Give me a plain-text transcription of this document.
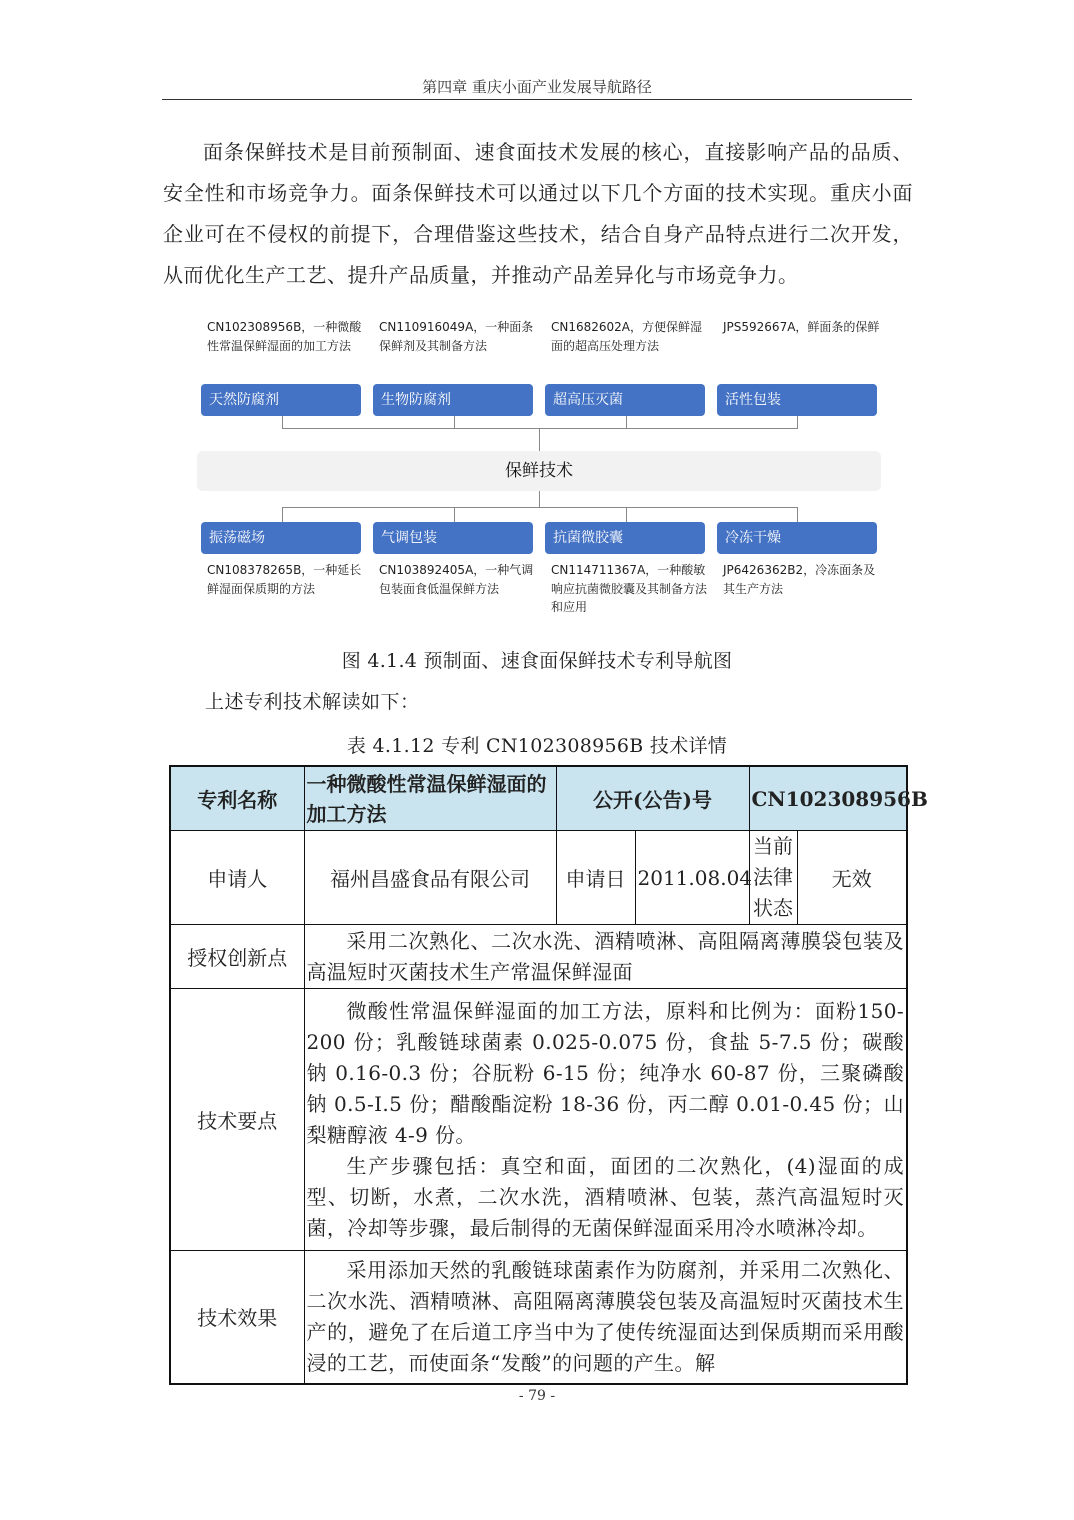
第四章 重庆小面产业发展导航路径

面条保鲜技术是目前预制面、速食面技术发展的核心，直接影响产品的品质、安全性和市场竞争力。面条保鲜技术可以通过以下几个方面的技术实现。重庆小面企业可在不侵权的前提下，合理借鉴这些技术，结合自身产品特点进行二次开发，从而优化生产工艺、提升产品质量，并推动产品差异化与市场竞争力。

CN102308956B，一种微酸性常温保鲜湿面的加工方法
CN110916049A，一种面条保鲜剂及其制备方法
CN1682602A，方便保鲜湿面的超高压处理方法
JPS592667A，鲜面条的保鲜
天然防腐剂	生物防腐剂	超高压灭菌	活性包装
保鲜技术
振荡磁场	气调包装	抗菌微胶囊	冷冻干燥
CN108378265B，一种延长鲜湿面保质期的方法
CN103892405A，一种气调包装面食低温保鲜方法
CN114711367A，一种酸敏响应抗菌微胶囊及其制备方法和应用
JP6426362B2，冷冻面条及其生产方法
图 4.1.4 预制面、速食面保鲜技术专利导航图
上述专利技术解读如下：
表 4.1.12 专利 CN102308956B 技术详情
专利名称	一种微酸性常温保鲜湿面的加工方法	公开(公告)号		CN102308956B	
申请人	福州昌盛食品有限公司	申请日	2011.08.04	当前法律状态	无效
授权创新点	采用二次熟化、二次水洗、酒精喷淋、高阻隔离薄膜袋包装及高温短时灭菌技术生产常温保鲜湿面				

技术要点	微酸性常温保鲜湿面的加工方法，原料和比例为：面粉150-200 份；乳酸链球菌素 0.025-0.075 份，食盐 5-7.5 份；碳酸钠 0.16-0.3 份；谷朊粉 6-15 份；纯净水 60-87 份，三聚磷酸钠 0.5-I.5 份；醋酸酯淀粉 18-36 份，丙二醇 0.01-0.45 份；山梨糖醇液 4-9 份。

生产步骤包括：真空和面，面团的二次熟化，(4)湿面的成型、切断，水煮，二次水洗，酒精喷淋、包装，蒸汽高温短时灭菌，冷却等步骤，最后制得的无菌保鲜湿面采用冷水喷淋冷却。				

技术效果	采用添加天然的乳酸链球菌素作为防腐剂，并采用二次熟化、二次水洗、酒精喷淋、高阻隔离薄膜袋包装及高温短时灭菌技术生产的，避免了在后道工序当中为了使传统湿面达到保质期而采用酸浸的工艺，而使面条“发酸”的问题的产生。解				

- 79 -
